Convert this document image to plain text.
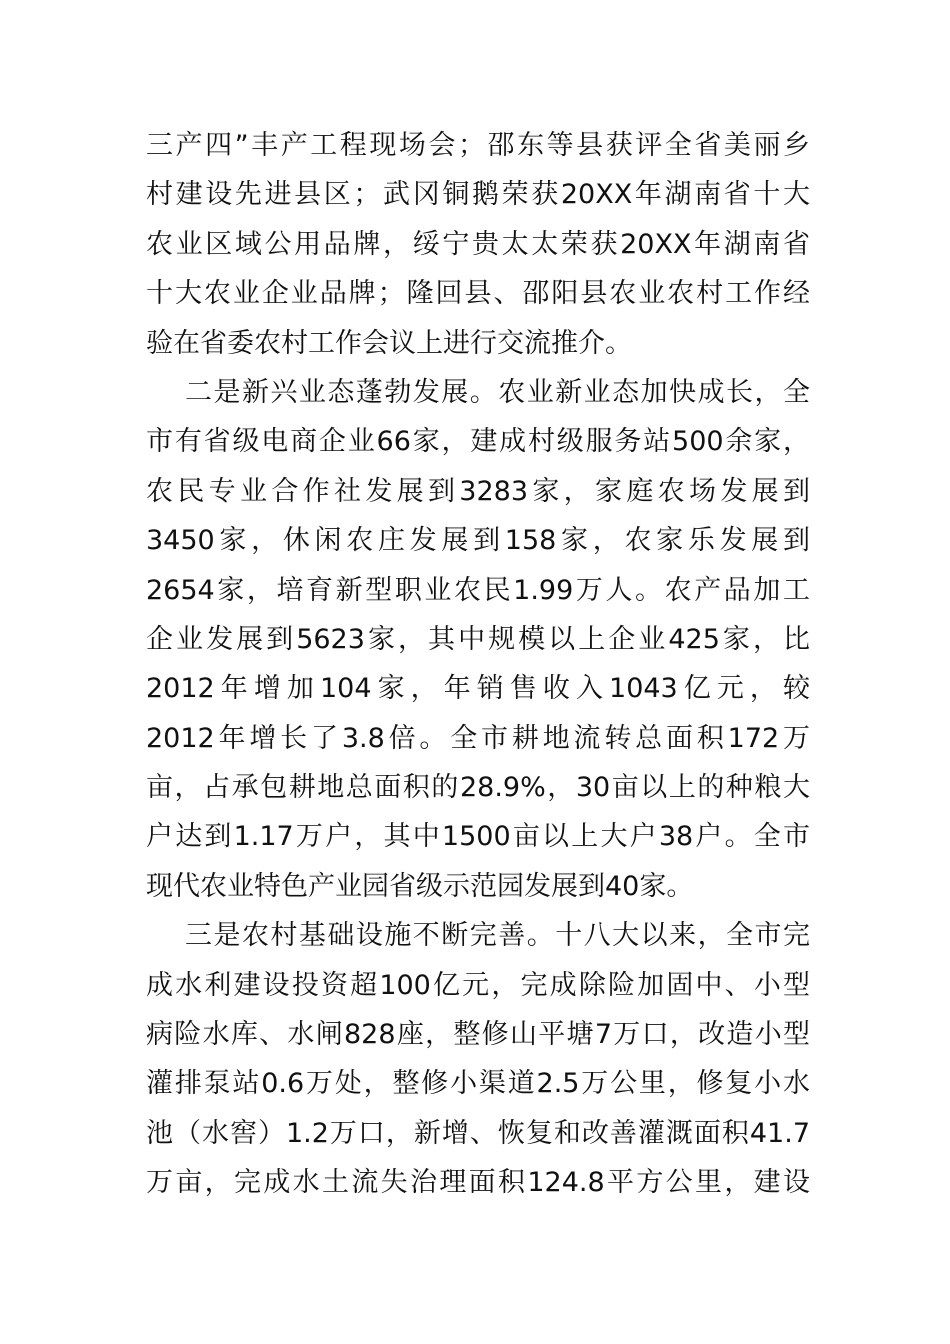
三产四”丰产工程现场会；邵东等县获评全省美丽乡
村建设先进县区；武冈铜鹅荣获20XX年湖南省十大
农业区域公用品牌，绥宁贵太太荣获20XX年湖南省
十大农业企业品牌；隆回县、邵阳县农业农村工作经
验在省委农村工作会议上进行交流推介。
二是新兴业态蓬勃发展。农业新业态加快成长，全
市有省级电商企业66家，建成村级服务站500余家，
农民专业合作社发展到3283家，家庭农场发展到
3450家，休闲农庄发展到158家，农家乐发展到
2654家，培育新型职业农民1.99万人。农产品加工
企业发展到5623家，其中规模以上企业425家，比
2012年增加104家，年销售收入1043亿元，较
2012年增长了3.8倍。全市耕地流转总面积172万
亩，占承包耕地总面积的28.9%，30亩以上的种粮大
户达到1.17万户，其中1500亩以上大户38户。全市
现代农业特色产业园省级示范园发展到40家。
三是农村基础设施不断完善。十八大以来，全市完
成水利建设投资超100亿元，完成除险加固中、小型
病险水库、水闸828座，整修山平塘7万口，改造小型
灌排泵站0.6万处，整修小渠道2.5万公里，修复小水
池（水窖）1.2万口，新增、恢复和改善灌溉面积41.7
万亩，完成水土流失治理面积124.8平方公里，建设
